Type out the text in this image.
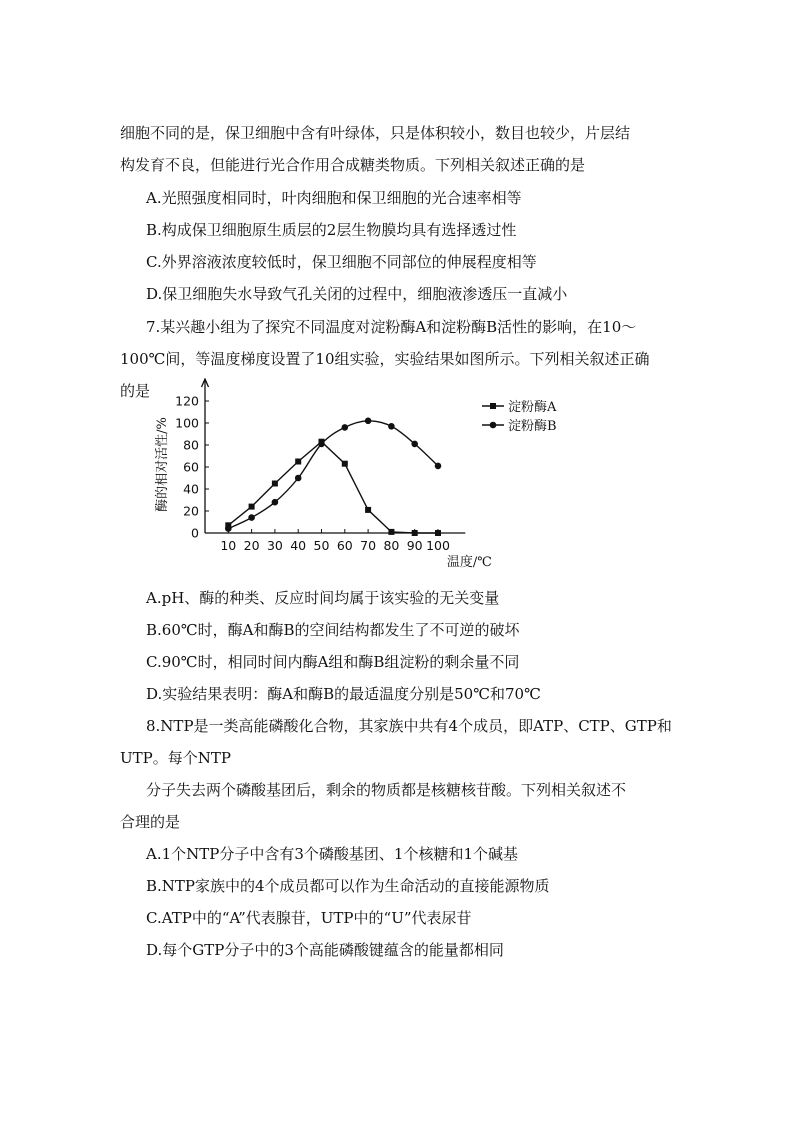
细胞不同的是，保卫细胞中含有叶绿体，只是体积较小，数目也较少，片层结
构发育不良，但能进行光合作用合成糖类物质。下列相关叙述正确的是
A.光照强度相同时，叶肉细胞和保卫细胞的光合速率相等
B.构成保卫细胞原生质层的2层生物膜均具有选择透过性
C.外界溶液浓度较低时，保卫细胞不同部位的伸展程度相等
D.保卫细胞失水导致气孔关闭的过程中，细胞液渗透压一直减小
7.某兴趣小组为了探究不同温度对淀粉酶A和淀粉酶B活性的影响，在10～
100℃间，等温度梯度设置了10组实验，实验结果如图所示。下列相关叙述正确
的是
0
20
40
60
80
100
120
10 20 30 40 50 60 70 80 90 100
温度/℃
酶的相对活性/%
淀粉酶A
淀粉酶B
A.pH、酶的种类、反应时间均属于该实验的无关变量
B.60℃时，酶A和酶B的空间结构都发生了不可逆的破坏
C.90℃时，相同时间内酶A组和酶B组淀粉的剩余量不同
D.实验结果表明：酶A和酶B的最适温度分别是50℃和70℃
8.NTP是一类高能磷酸化合物，其家族中共有4个成员，即ATP、CTP、GTP和
UTP。每个NTP
分子失去两个磷酸基团后，剩余的物质都是核糖核苷酸。下列相关叙述不
合理的是
A.1个NTP分子中含有3个磷酸基团、1个核糖和1个碱基
B.NTP家族中的4个成员都可以作为生命活动的直接能源物质
C.ATP中的“A”代表腺苷，UTP中的“U”代表尿苷
D.每个GTP分子中的3个高能磷酸键蕴含的能量都相同
